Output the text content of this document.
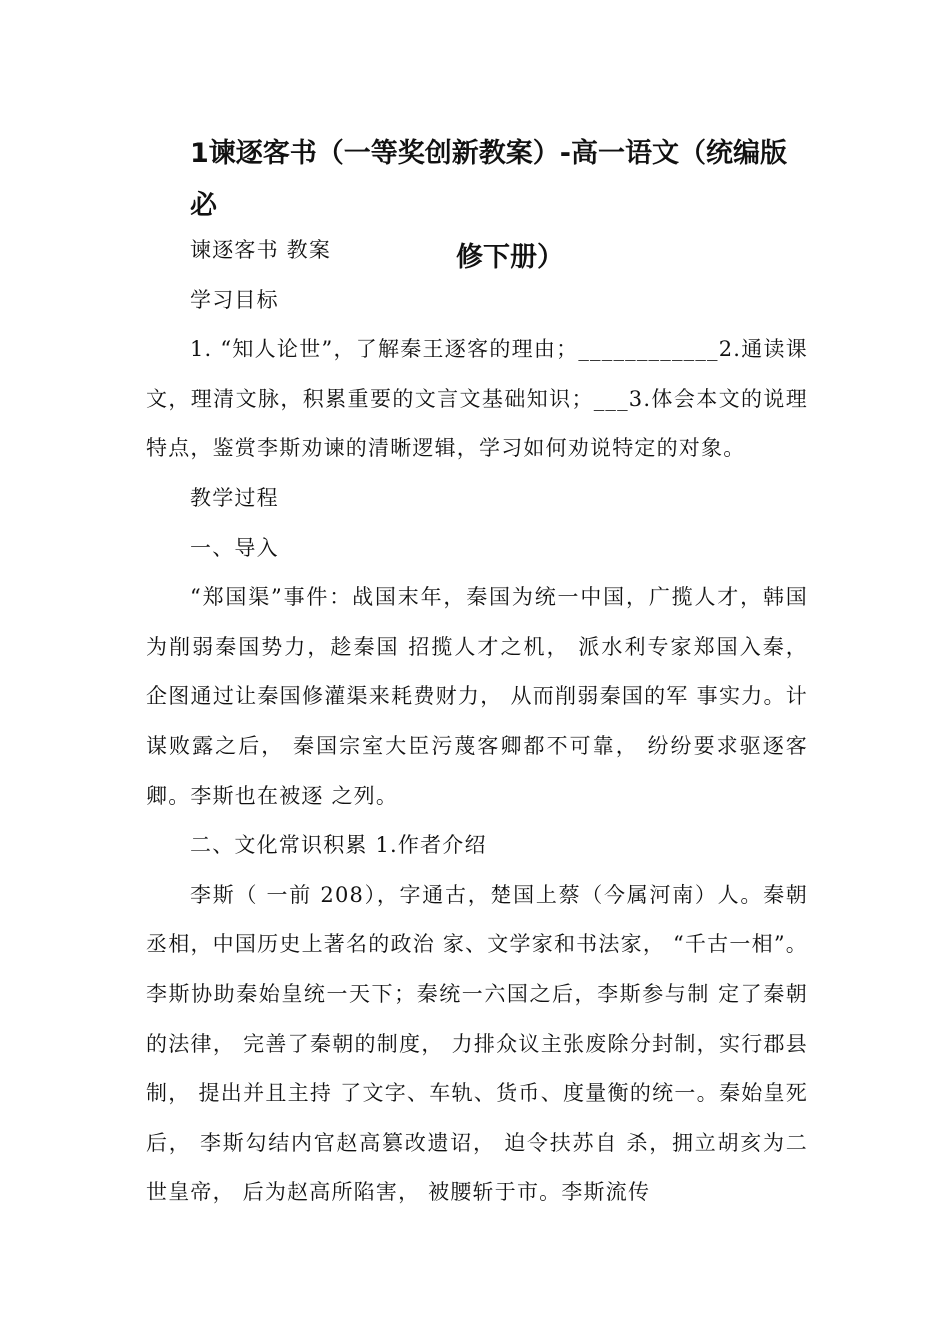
1谏逐客书（一等奖创新教案）-高一语文（统编版必
修下册）

谏逐客书 教案

学习目标

1. “知人论世”，了解秦王逐客的理由；____________2.通读课文，理清文脉，积累重要的文言文基础知识；___3.体会本文的说理特点，鉴赏李斯劝谏的清晰逻辑，学习如何劝说特定的对象。

教学过程

一、导入

“郑国渠”事件：战国末年，秦国为统一中国，广揽人才，韩国为削弱秦国势力，趁秦国 招揽人才之机， 派水利专家郑国入秦， 企图通过让秦国修灌渠来耗费财力， 从而削弱秦国的军 事实力。计谋败露之后， 秦国宗室大臣污蔑客卿都不可靠， 纷纷要求驱逐客卿。李斯也在被逐 之列。

二、文化常识积累 1.作者介绍

李斯（ 一前 208），字通古，楚国上蔡（今属河南）人。秦朝丞相，中国历史上著名的政治 家、文学家和书法家， “千古一相”。李斯协助秦始皇统一天下；秦统一六国之后，李斯参与制 定了秦朝的法律， 完善了秦朝的制度， 力排众议主张废除分封制，实行郡县制， 提出并且主持 了文字、车轨、货币、度量衡的统一。秦始皇死后， 李斯勾结内官赵高篡改遗诏， 迫令扶苏自 杀，拥立胡亥为二世皇帝， 后为赵高所陷害， 被腰斩于市。李斯流传
